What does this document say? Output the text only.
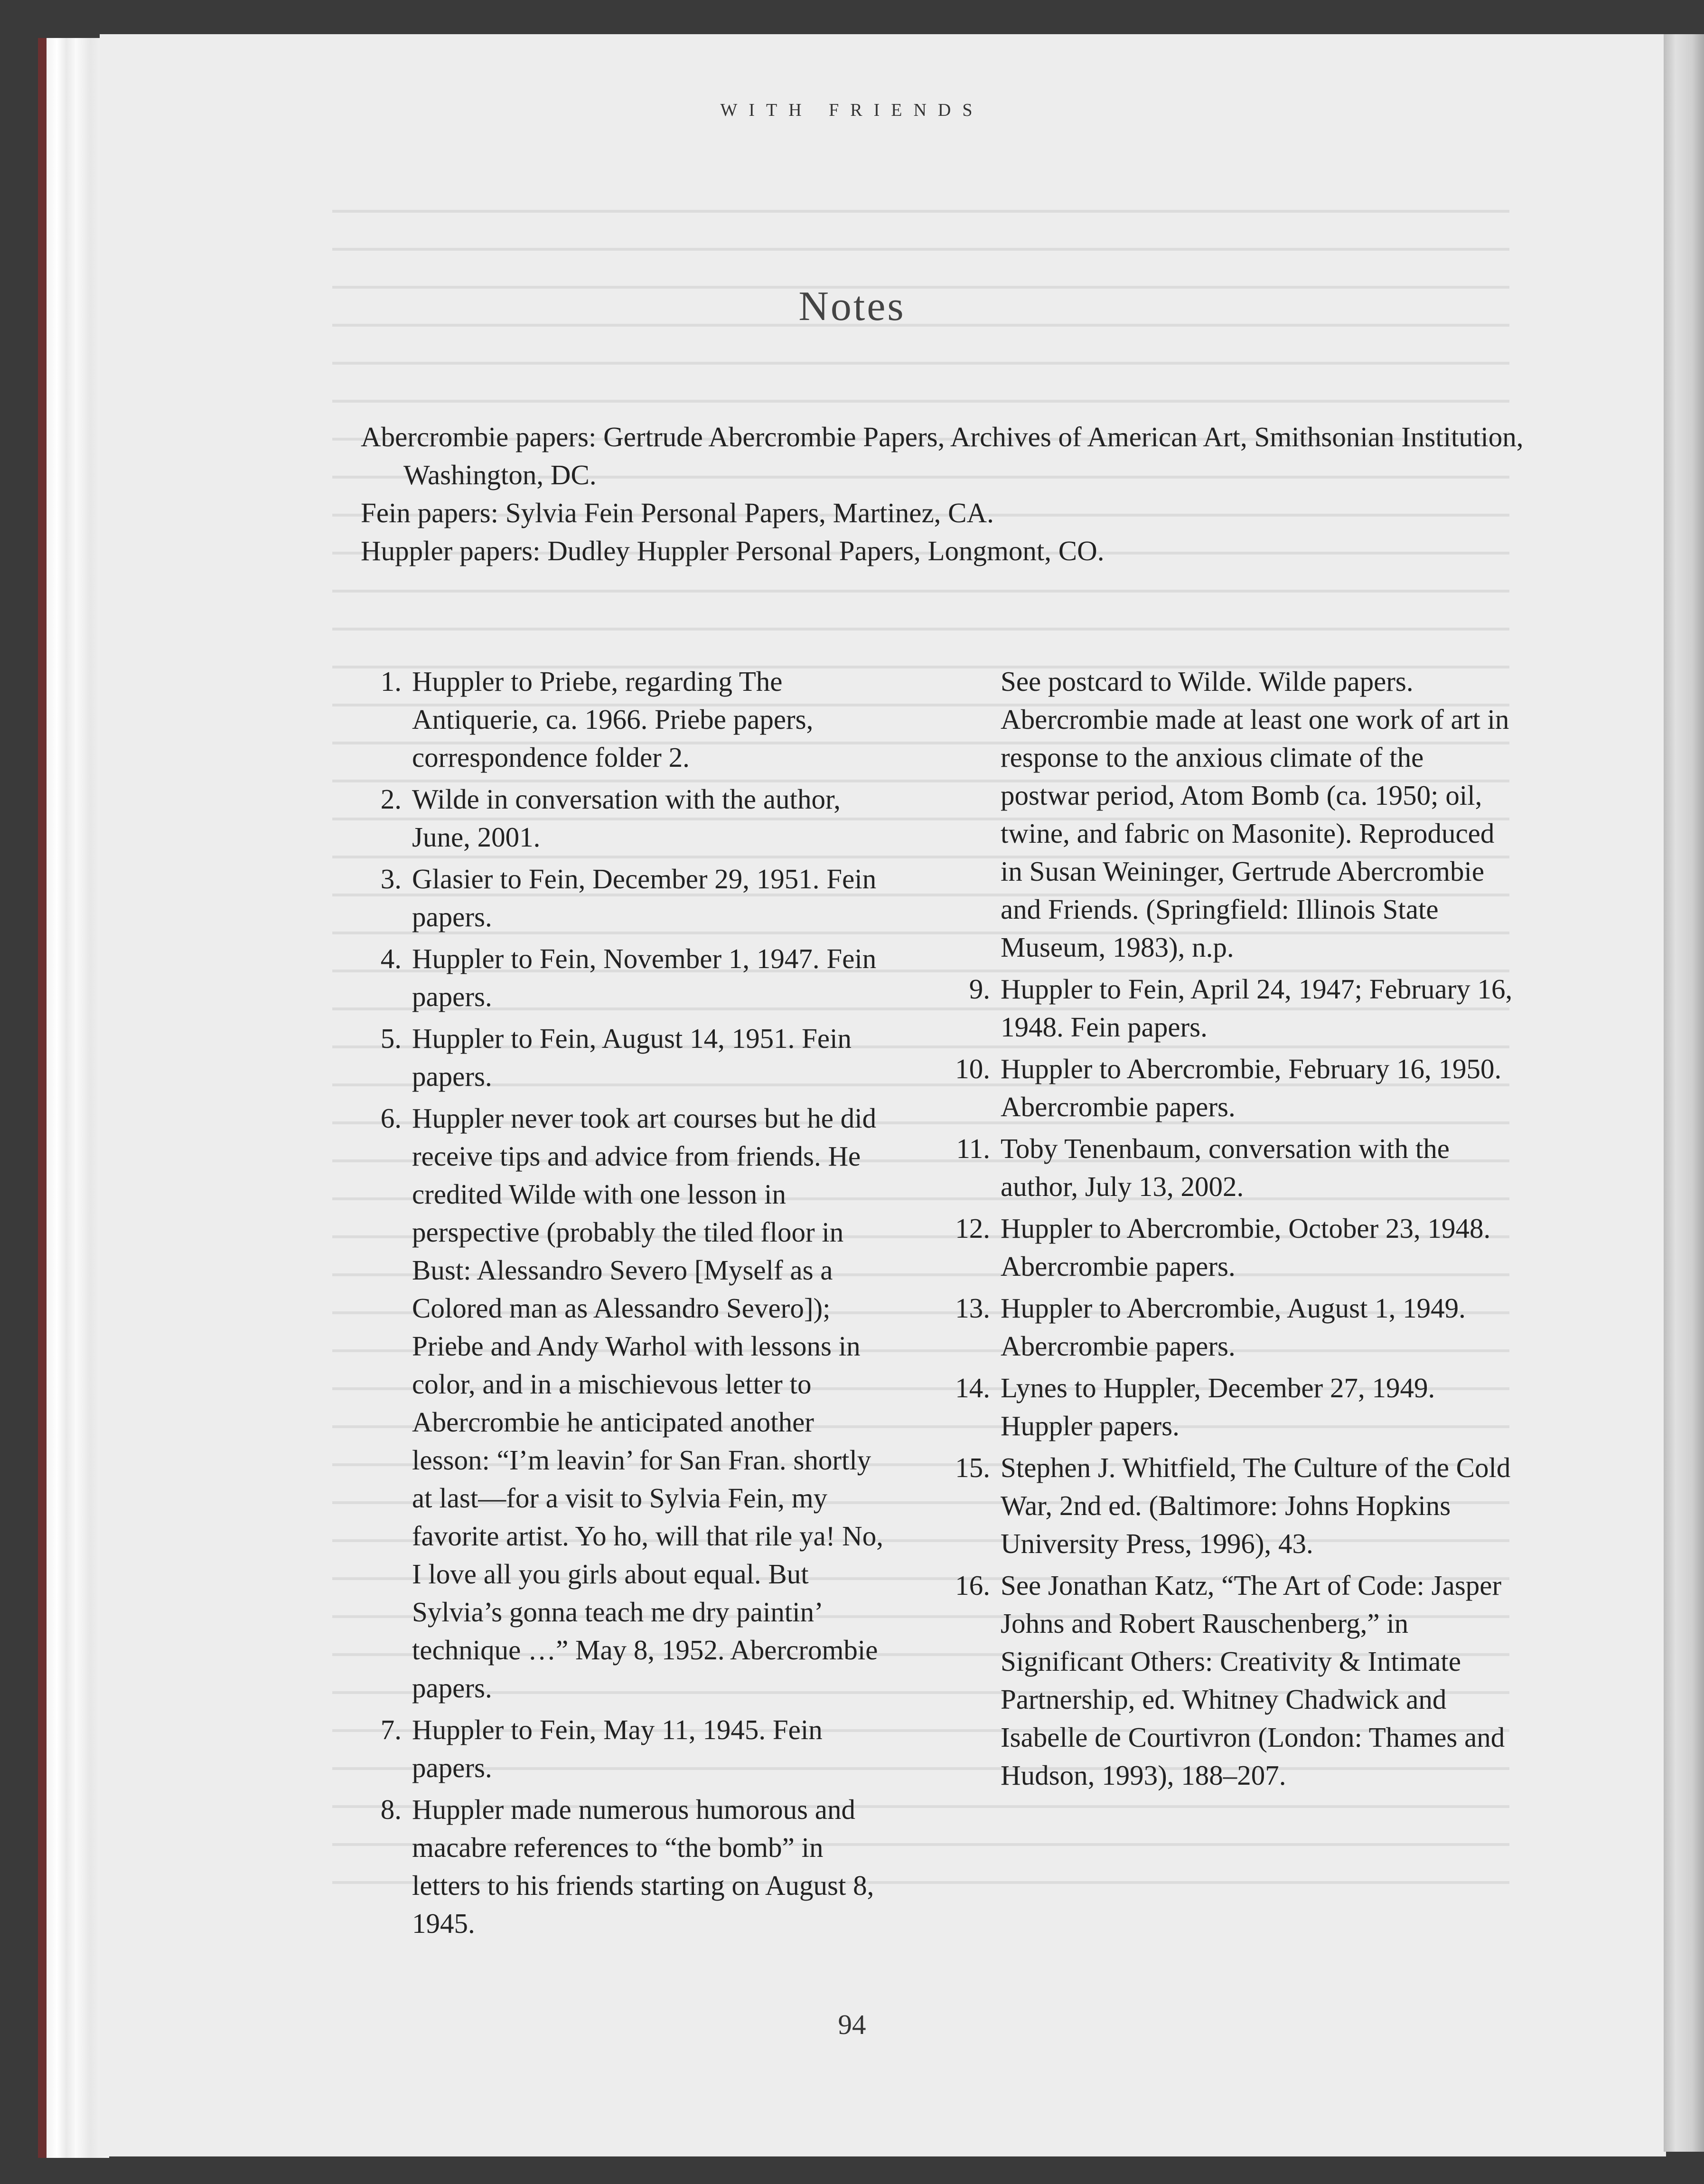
WITH FRIENDS
Notes

Abercrombie papers: Gertrude Abercrombie Papers, Archives of American Art, Smithsonian Institution, Washington, DC.

Fein papers: Sylvia Fein Personal Papers, Martinez, CA.

Huppler papers: Dudley Huppler Personal Papers, Longmont, CO.

1. Huppler to Priebe, regarding The Antiquerie, ca. 1966. Priebe papers, correspondence folder 2.
2. Wilde in conversation with the author, June, 2001.
3. Glasier to Fein, December 29, 1951. Fein papers.
4. Huppler to Fein, November 1, 1947. Fein papers.
5. Huppler to Fein, August 14, 1951. Fein papers.
6. Huppler never took art courses but he did receive tips and advice from friends. He credited Wilde with one lesson in perspective (probably the tiled floor in Bust: Alessandro Severo [Myself as a Colored man as Alessandro Severo]); Priebe and Andy Warhol with lessons in color, and in a mischievous letter to Abercrombie he anticipated another lesson: “I’m leavin’ for San Fran. shortly at last—for a visit to Sylvia Fein, my favorite artist. Yo ho, will that rile ya! No, I love all you girls about equal. But Sylvia’s gonna teach me dry paintin’ technique …” May 8, 1952. Abercrombie papers.
7. Huppler to Fein, May 11, 1945. Fein papers.
8. Huppler made numerous humorous and macabre references to “the bomb” in letters to his friends starting on August 8, 1945.
See postcard to Wilde. Wilde papers. Abercrombie made at least one work of art in response to the anxious climate of the postwar period, Atom Bomb (ca. 1950; oil, twine, and fabric on Masonite). Reproduced in Susan Weininger, Gertrude Abercrombie and Friends. (Springfield: Illinois State Museum, 1983), n.p.
9. Huppler to Fein, April 24, 1947; February 16, 1948. Fein papers.
10. Huppler to Abercrombie, February 16, 1950. Abercrombie papers.
11. Toby Tenenbaum, conversation with the author, July 13, 2002.
12. Huppler to Abercrombie, October 23, 1948. Abercrombie papers.
13. Huppler to Abercrombie, August 1, 1949. Abercrombie papers.
14. Lynes to Huppler, December 27, 1949. Huppler papers.
15. Stephen J. Whitfield, The Culture of the Cold War, 2nd ed. (Baltimore: Johns Hopkins University Press, 1996), 43.
16. See Jonathan Katz, “The Art of Code: Jasper Johns and Robert Rauschenberg,” in Significant Others: Creativity & Intimate Partnership, ed. Whitney Chadwick and Isabelle de Courtivron (London: Thames and Hudson, 1993), 188–207.
94
